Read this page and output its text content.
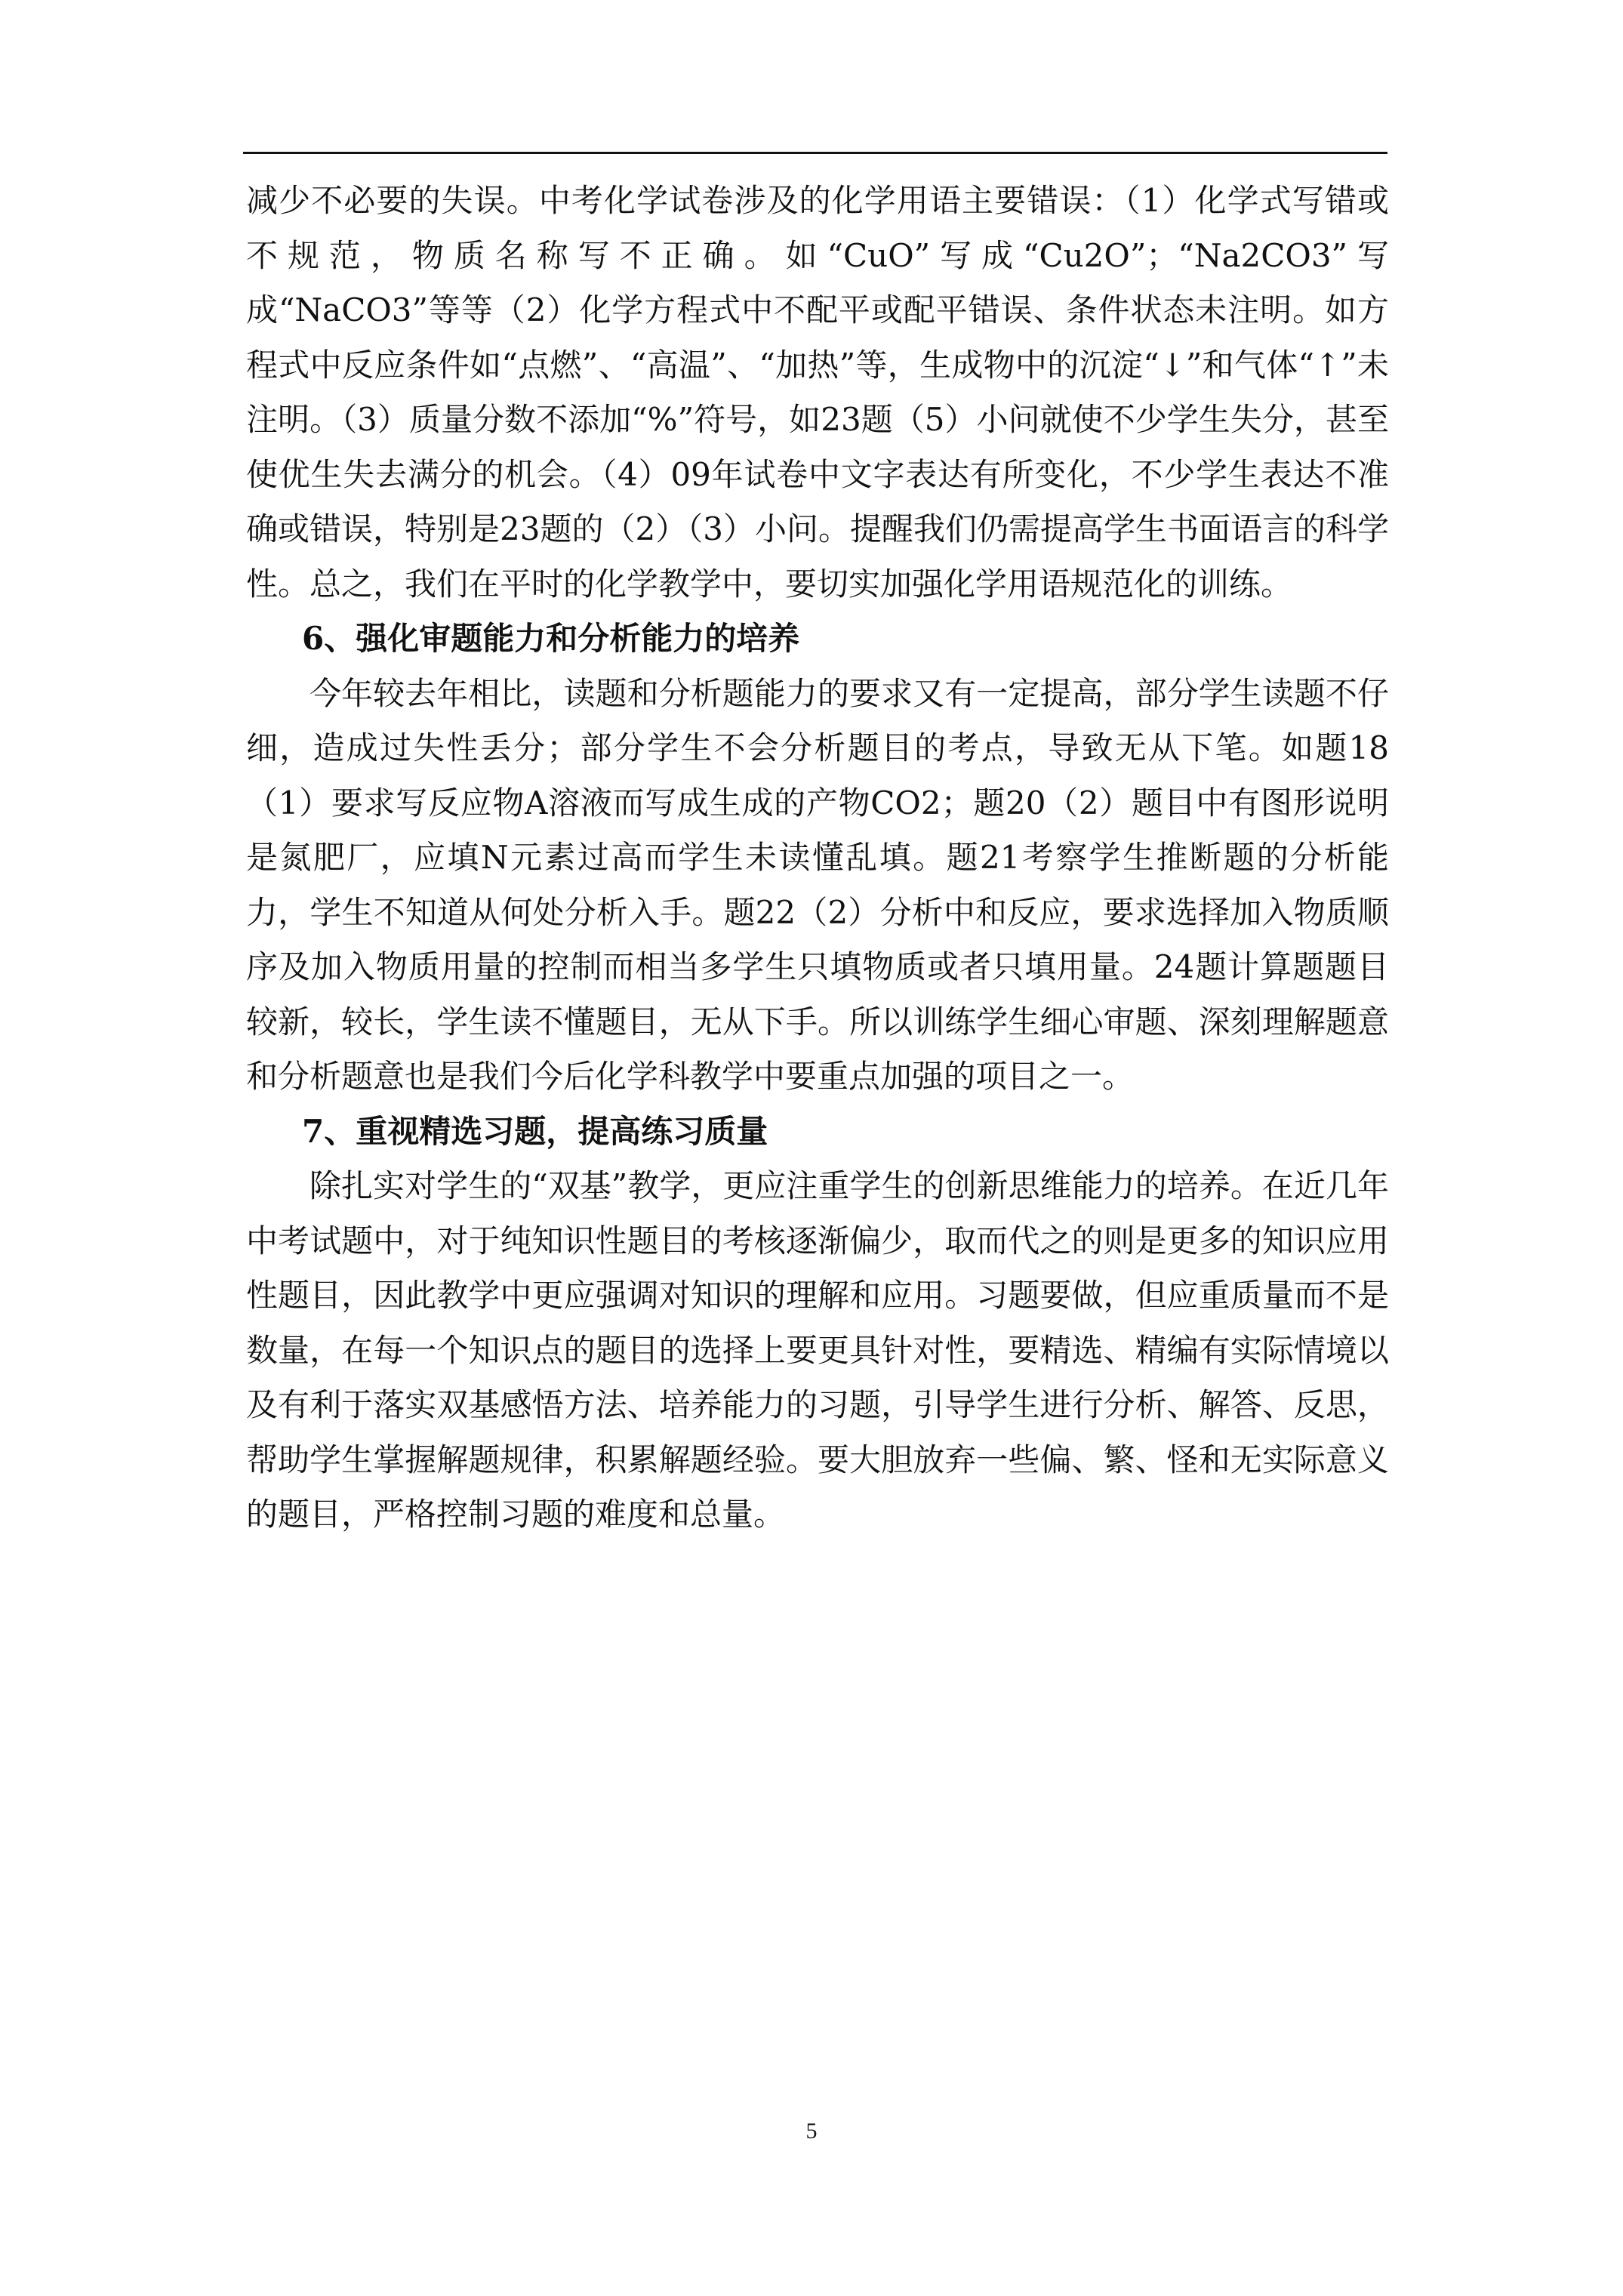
减少不必要的失误。中考化学试卷涉及的化学用语主要错误：（1）化学式写错或不规范，物质名称写不正确。如“CuO”写成“Cu2O”；“Na2CO3”写成“NaCO3”等等（2）化学方程式中不配平或配平错误、条件状态未注明。如方程式中反应条件如“点燃”、“高温”、“加热”等，生成物中的沉淀“↓”和气体“↑”未注明。（3）质量分数不添加“%”符号，如23题（5）小问就使不少学生失分，甚至使优生失去满分的机会。（4）09年试卷中文字表达有所变化，不少学生表达不准确或错误，特别是23题的（2）（3）小问。提醒我们仍需提高学生书面语言的科学性。总之，我们在平时的化学教学中，要切实加强化学用语规范化的训练。

6、强化审题能力和分析能力的培养

今年较去年相比，读题和分析题能力的要求又有一定提高，部分学生读题不仔细，造成过失性丢分；部分学生不会分析题目的考点，导致无从下笔。如题18（1）要求写反应物A溶液而写成生成的产物CO2；题20（2）题目中有图形说明是氮肥厂，应填N元素过高而学生未读懂乱填。题21考察学生推断题的分析能力，学生不知道从何处分析入手。题22（2）分析中和反应，要求选择加入物质顺序及加入物质用量的控制而相当多学生只填物质或者只填用量。24题计算题题目较新，较长，学生读不懂题目，无从下手。所以训练学生细心审题、深刻理解题意和分析题意也是我们今后化学科教学中要重点加强的项目之一。

7、重视精选习题，提高练习质量

除扎实对学生的“双基”教学，更应注重学生的创新思维能力的培养。在近几年中考试题中，对于纯知识性题目的考核逐渐偏少，取而代之的则是更多的知识应用性题目，因此教学中更应强调对知识的理解和应用。习题要做，但应重质量而不是数量，在每一个知识点的题目的选择上要更具针对性，要精选、精编有实际情境以及有利于落实双基感悟方法、培养能力的习题，引导学生进行分析、解答、反思，帮助学生掌握解题规律，积累解题经验。要大胆放弃一些偏、繁、怪和无实际意义的题目，严格控制习题的难度和总量。

5
